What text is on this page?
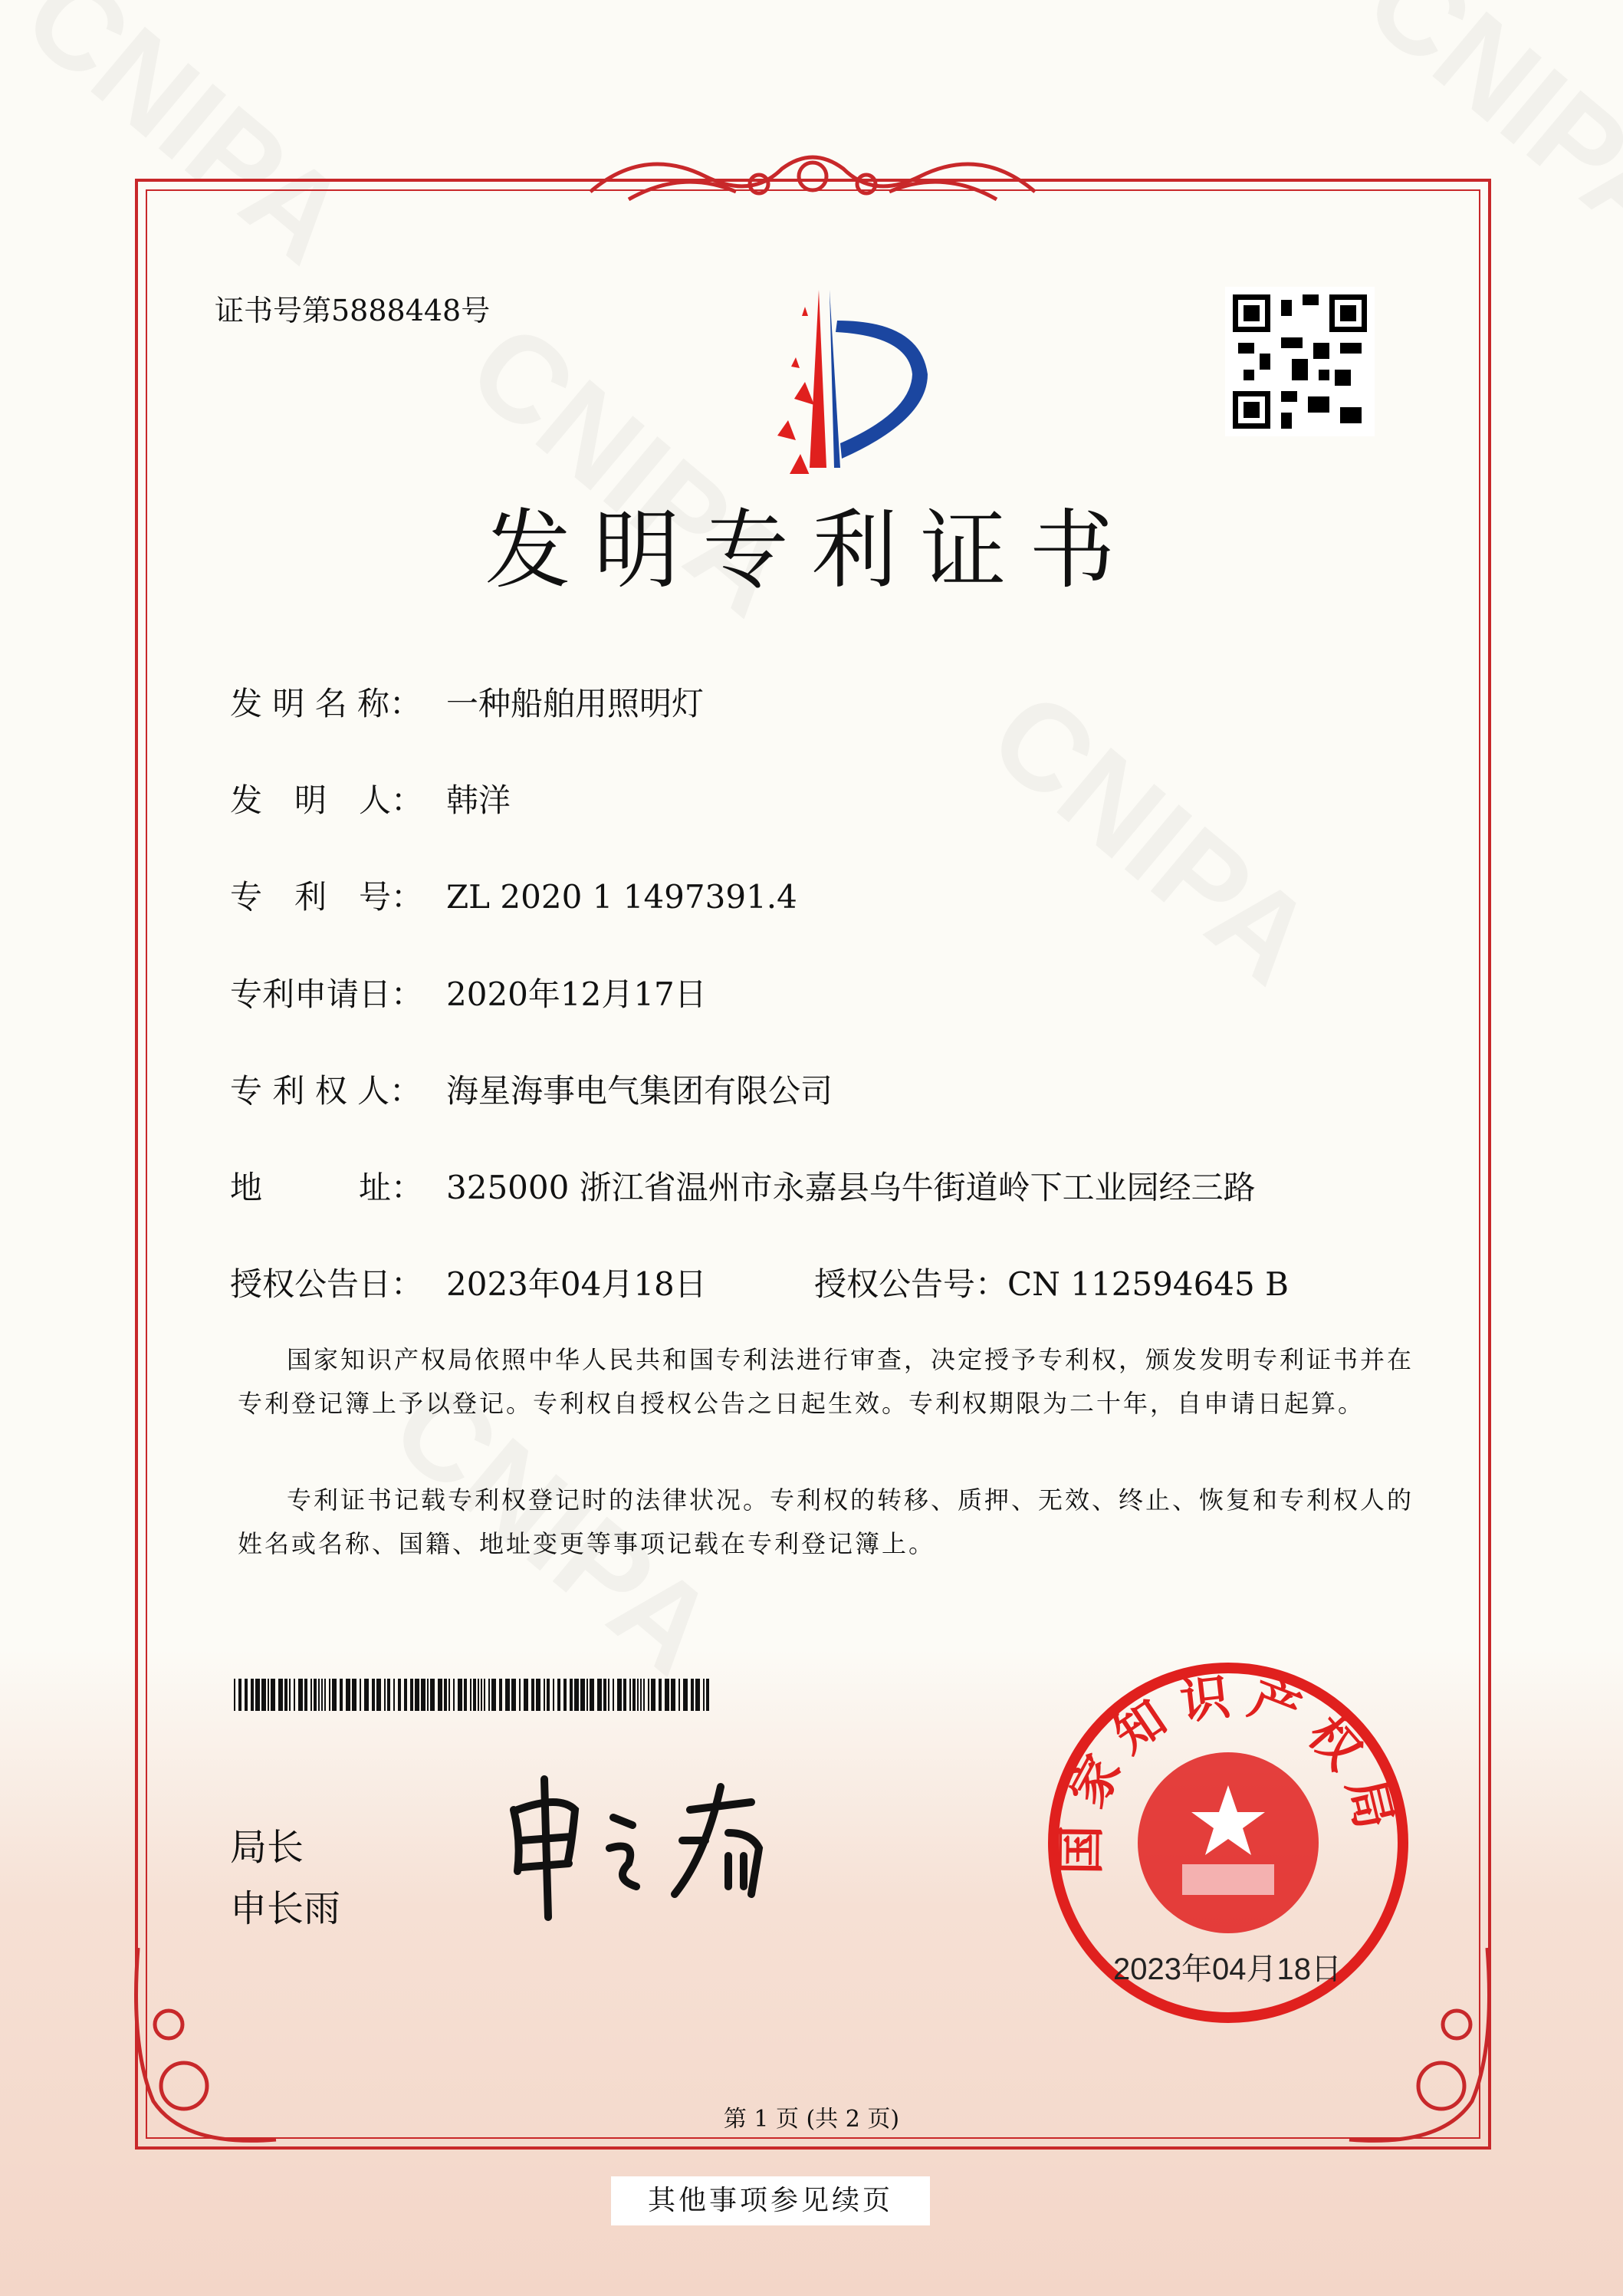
证书号第5888448号
发明专利证书
发 明 名 称： 一种船舶用照明灯
发　明　人： 韩洋
专　利　号： ZL 2020 1 1497391.4
专利申请日： 2020年12月17日
专 利 权 人： 海星海事电气集团有限公司
地　　　址： 325000 浙江省温州市永嘉县乌牛街道岭下工业园经三路
授权公告日： 2023年04月18日	授权公告号：CN 112594645 B
国家知识产权局依照中华人民共和国专利法进行审查，决定授予专利权，颁发发明专利证书并在专利登记簿上予以登记。专利权自授权公告之日起生效。专利权期限为二十年，自申请日起算。
专利证书记载专利权登记时的法律状况。专利权的转移、质押、无效、终止、恢复和专利权人的姓名或名称、国籍、地址变更等事项记载在专利登记簿上。
局长
申长雨
国家知识产权局
2023年04月18日
第 1 页 (共 2 页)
其他事项参见续页
